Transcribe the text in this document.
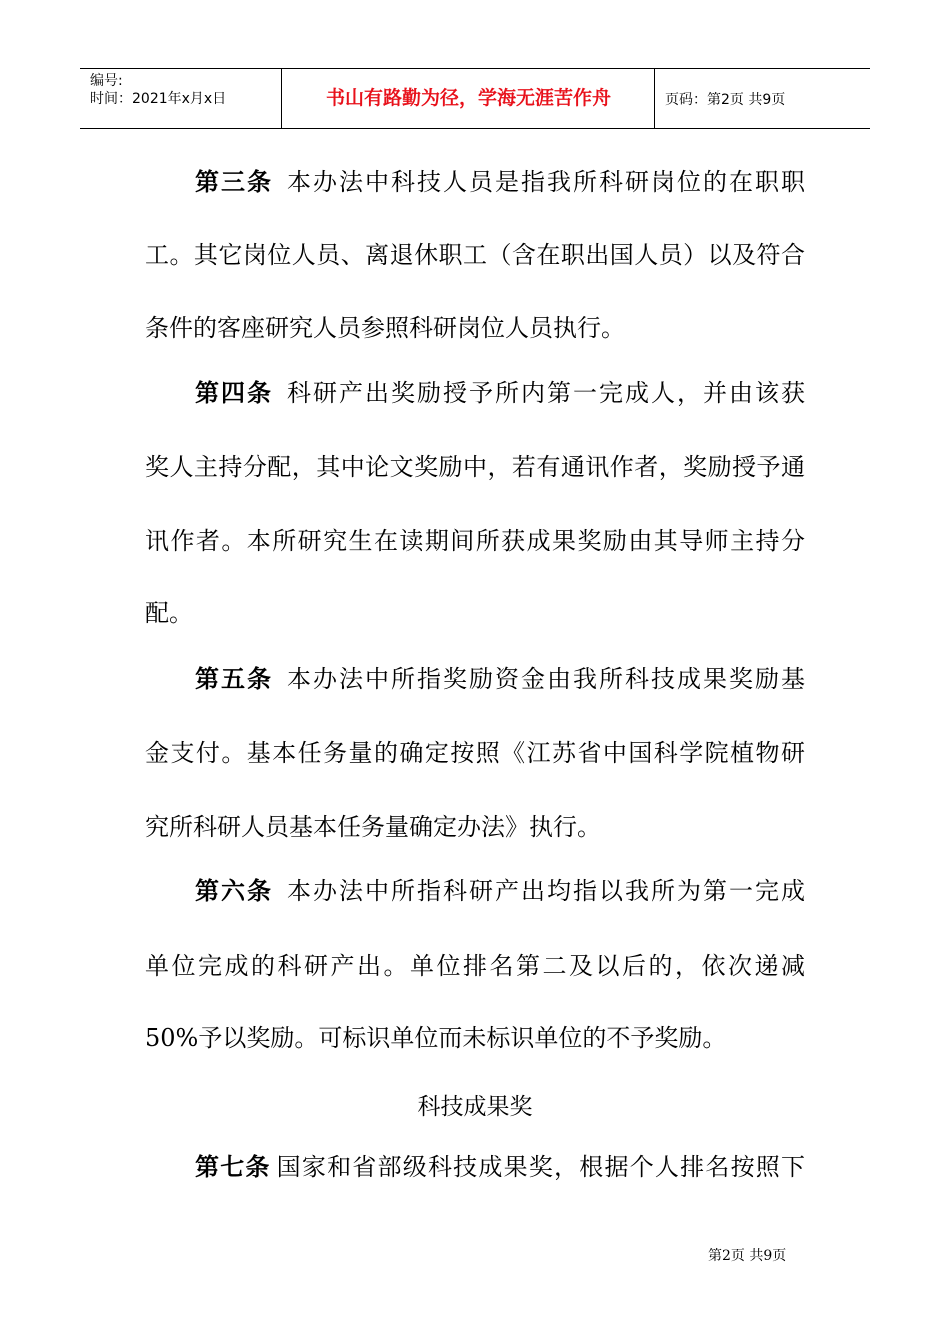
编号:
时间：2021年x月x日	书山有路勤为径，学海无涯苦作舟	页码：第2页 共9页
第三条 本办法中科技人员是指我所科研岗位的在职职
工。其它岗位人员、离退休职工（含在职出国人员）以及符合
条件的客座研究人员参照科研岗位人员执行。
第四条 科研产出奖励授予所内第一完成人，并由该获
奖人主持分配，其中论文奖励中，若有通讯作者，奖励授予通
讯作者。本所研究生在读期间所获成果奖励由其导师主持分
配。
第五条 本办法中所指奖励资金由我所科技成果奖励基
金支付。基本任务量的确定按照《江苏省中国科学院植物研
究所科研人员基本任务量确定办法》执行。
第六条 本办法中所指科研产出均指以我所为第一完成
单位完成的科研产出。单位排名第二及以后的，依次递减
50%予以奖励。可标识单位而未标识单位的不予奖励。
科技成果奖
第七条 国家和省部级科技成果奖，根据个人排名按照下
第2页 共9页
